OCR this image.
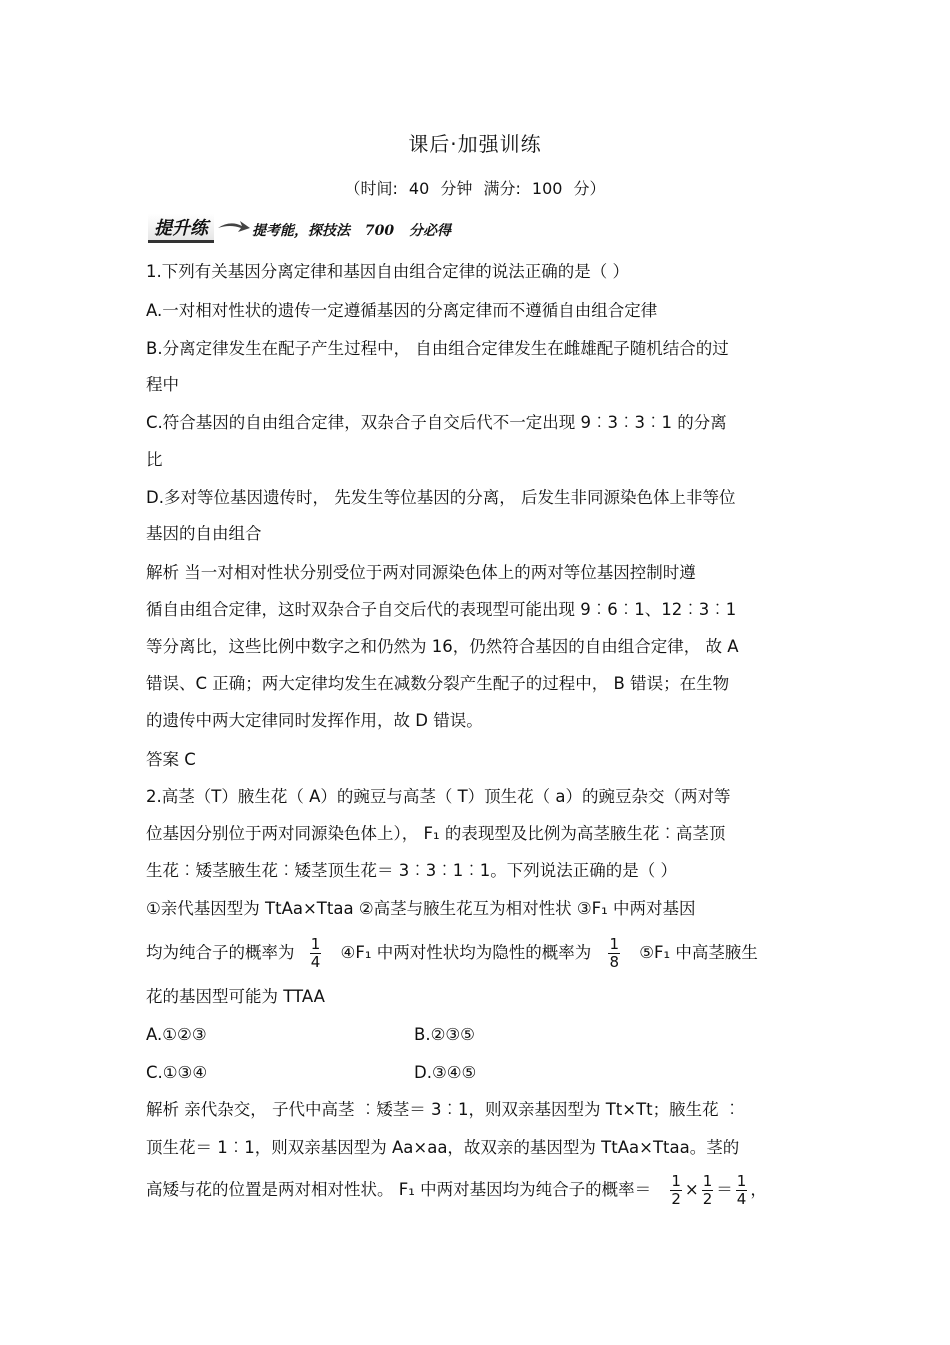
课后·加强训练
（时间: 40 分钟 满分: 100 分）
提升练	提考能，探技法 700 分必得
1.下列有关基因分离定律和基因自由组合定律的说法正确的是（ ）
A.一对相对性状的遗传一定遵循基因的分离定律而不遵循自由组合定律
B.分离定律发生在配子产生过程中， 自由组合定律发生在雌雄配子随机结合的过
程中
C.符合基因的自由组合定律，双杂合子自交后代不一定出现 9︰3︰3︰1 的分离
比
D.多对等位基因遗传时， 先发生等位基因的分离， 后发生非同源染色体上非等位
基因的自由组合
解析 当一对相对性状分别受位于两对同源染色体上的两对等位基因控制时遵
循自由组合定律，这时双杂合子自交后代的表现型可能出现 9︰6︰1、12︰3︰1
等分离比，这些比例中数字之和仍然为 16，仍然符合基因的自由组合定律， 故 A
错误、C 正确；两大定律均发生在减数分裂产生配子的过程中， B 错误；在生物
的遗传中两大定律同时发挥作用，故 D 错误。
答案 C
2.高茎（T）腋生花（ A）的豌豆与高茎（ T）顶生花（ a）的豌豆杂交（两对等
位基因分别位于两对同源染色体上）， F₁ 的表现型及比例为高茎腋生花︰高茎顶
生花︰矮茎腋生花︰矮茎顶生花＝ 3︰3︰1︰1。下列说法正确的是（ ）
①亲代基因型为 TtAa×Ttaa ②高茎与腋生花互为相对性状 ③F₁ 中两对基因
均为纯合子的概率为 $\frac{1}{4}$ ④F₁ 中两对性状均为隐性的概率为 $\frac{1}{8}$ ⑤F₁ 中高茎腋生
花的基因型可能为 TTAA
A.①②③	B.②③⑤
C.①③④	D.③④⑤
解析 亲代杂交， 子代中高茎 ︰矮茎＝ 3︰1，则双亲基因型为 Tt×Tt；腋生花 ︰
顶生花＝ 1︰1，则双亲基因型为 Aa×aa，故双亲的基因型为 TtAa×Ttaa。茎的
高矮与花的位置是两对相对性状。 F₁ 中两对基因均为纯合子的概率＝ $\frac{1}{2} \times \frac{1}{2} = \frac{1}{4}$ ，
